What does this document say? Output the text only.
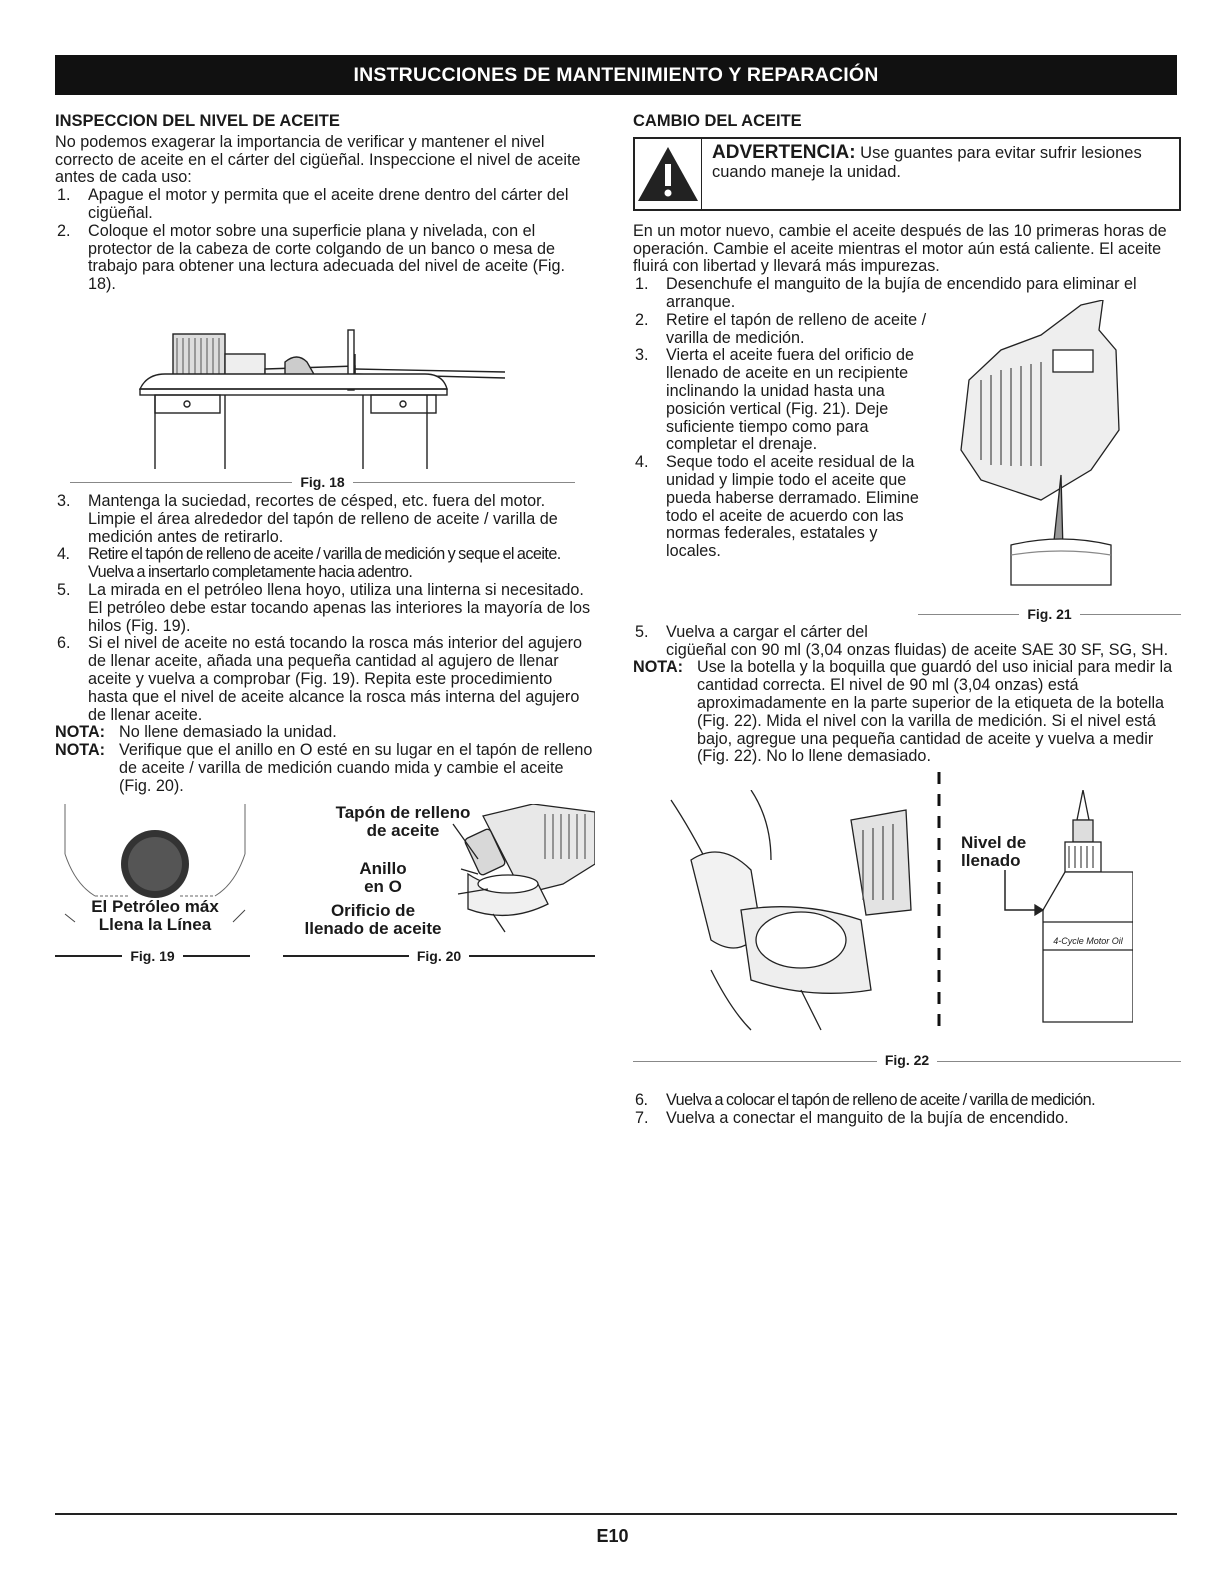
INSTRUCCIONES DE MANTENIMIENTO Y REPARACIÓN
INSPECCION DEL NIVEL DE ACEITE

No podemos exagerar la importancia de verificar y mantener el nivel correcto de aceite en el cárter del cigüeñal. Inspeccione el nivel de aceite antes de cada uso:

1. Apague el motor y permita que el aceite drene dentro del cárter del cigüeñal.
2. Coloque el motor sobre una superficie plana y nivelada, con el protector de la cabeza de corte colgando de un banco o mesa de trabajo para obtener una lectura adecuada del nivel de aceite (Fig. 18).
Fig. 18
3. Mantenga la suciedad, recortes de césped, etc. fuera del motor. Limpie el área alrededor del tapón de relleno de aceite / varilla de medición antes de retirarlo.
4. Retire el tapón de relleno de aceite / varilla de medición y seque el aceite. Vuelva a insertarlo completamente hacia adentro.
5. La mirada en el petróleo llena hoyo, utiliza una linterna si necesitado. El petróleo debe estar tocando apenas las interiores la mayoría de los hilos (Fig. 19).
6. Si el nivel de aceite no está tocando la rosca más interior del agujero de llenar aceite, añada una pequeña cantidad al agujero de llenar aceite y vuelva a comprobar (Fig. 19). Repita este procedimiento hasta que el nivel de aceite alcance la rosca más interna del agujero de llenar aceite.
NOTA: No llene demasiado la unidad.
NOTA: Verifique que el anillo en O esté en su lugar en el tapón de relleno de aceite / varilla de medición cuando mida y cambie el aceite (Fig. 20).
El Petróleo máx
Llena la Línea
Fig. 19
Tapón de relleno
de aceite
Anillo
en O
Orificio de
llenado de aceite
Fig. 20
CAMBIO DEL ACEITE
ADVERTENCIA: Use guantes para evitar sufrir lesiones cuando maneje la unidad.

En un motor nuevo, cambie el aceite después de las 10 primeras horas de operación. Cambie el aceite mientras el motor aún está caliente. El aceite fluirá con libertad y llevará más impurezas.

1. Desenchufe el manguito de la bujía de encendido para eliminar el arranque.
2. Retire el tapón de relleno de aceite / varilla de medición.
3. Vierta el aceite fuera del orificio de llenado de aceite en un recipiente inclinando la unidad hasta una posición vertical (Fig. 21). Deje suficiente tiempo como para completar el drenaje.
4. Seque todo el aceite residual de la unidad y limpie todo el aceite que pueda haberse derramado. Elimine todo el aceite de acuerdo con las normas federales, estatales y locales.
Fig. 21
5. Vuelva a cargar el cárter del
cigüeñal con 90 ml (3,04 onzas fluidas) de aceite SAE 30 SF, SG, SH.
NOTA: Use la botella y la boquilla que guardó del uso inicial para medir la cantidad correcta. El nivel de 90 ml (3,04 onzas) está aproximadamente en la parte superior de la etiqueta de la botella (Fig. 22). Mida el nivel con la varilla de medición. Si el nivel está bajo, agregue una pequeña cantidad de aceite y vuelva a medir (Fig. 22). No lo llene demasiado.
Nivel de
llenado
4-Cycle Motor Oil
Fig. 22
6. Vuelva a colocar el tapón de relleno de aceite / varilla de medición.
7. Vuelva a conectar el manguito de la bujía de encendido.
E10
